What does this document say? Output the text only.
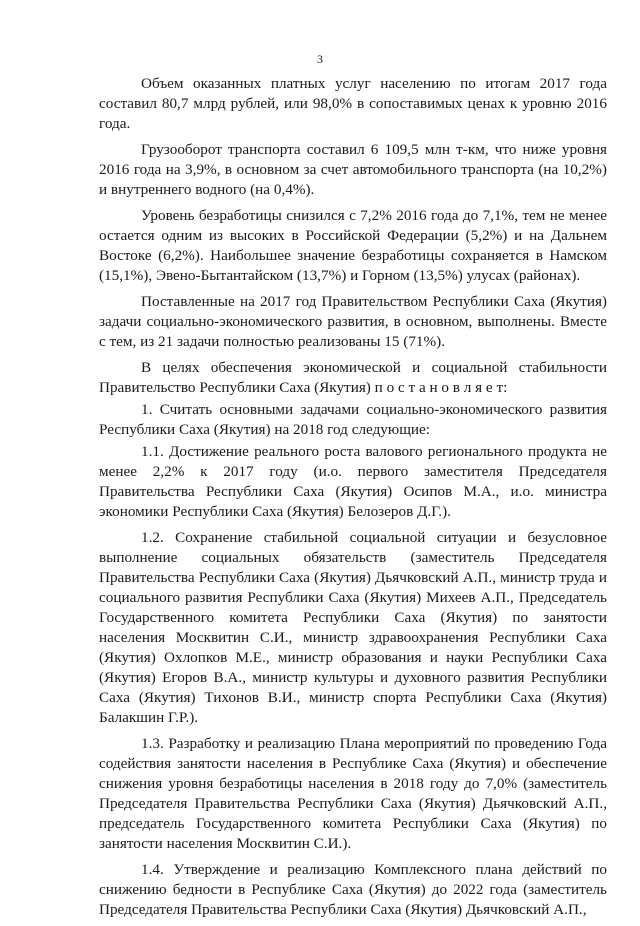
3

Объем оказанных платных услуг населению по итогам 2017 года составил 80,7 млрд рублей, или 98,0% в сопоставимых ценах к уровню 2016 года.

Грузооборот транспорта составил 6 109,5 млн т-км, что ниже уровня 2016 года на 3,9%, в основном за счет автомобильного транспорта (на 10,2%) и внутреннего водного (на 0,4%).

Уровень безработицы снизился с 7,2% 2016 года до 7,1%, тем не менее остается одним из высоких в Российской Федерации (5,2%) и на Дальнем Востоке (6,2%). Наибольшее значение безработицы сохраняется в Намском (15,1%), Эвено-Бытантайском (13,7%) и Горном (13,5%) улусах (районах).

Поставленные на 2017 год Правительством Республики Саха (Якутия) задачи социально-экономического развития, в основном, выполнены. Вместе с тем, из 21 задачи полностью реализованы 15 (71%).

В целях обеспечения экономической и социальной стабильности Правительство Республики Саха (Якутия) п о с т а н о в л я е т:

1. Считать основными задачами социально-экономического развития Республики Саха (Якутия) на 2018 год следующие:

1.1. Достижение реального роста валового регионального продукта не менее 2,2% к 2017 году (и.о. первого заместителя Председателя Правительства Республики Саха (Якутия) Осипов М.А., и.о. министра экономики Республики Саха (Якутия) Белозеров Д.Г.).

1.2. Сохранение стабильной социальной ситуации и безусловное выполнение социальных обязательств (заместитель Председателя Правительства Республики Саха (Якутия) Дьячковский А.П., министр труда и социального развития Республики Саха (Якутия) Михеев А.П., Председатель Государственного комитета Республики Саха (Якутия) по занятости населения Москвитин С.И., министр здравоохранения Республики Саха (Якутия) Охлопков М.Е., министр образования и науки Республики Саха (Якутия) Егоров В.А., министр культуры и духовного развития Республики Саха (Якутия) Тихонов В.И., министр спорта Республики Саха (Якутия) Балакшин Г.Р.).

1.3. Разработку и реализацию Плана мероприятий по проведению Года содействия занятости населения в Республике Саха (Якутия) и обеспечение снижения уровня безработицы населения в 2018 году до 7,0% (заместитель Председателя Правительства Республики Саха (Якутия) Дьячковский А.П., председатель Государственного комитета Республики Саха (Якутия) по занятости населения Москвитин С.И.).

1.4. Утверждение и реализацию Комплексного плана действий по снижению бедности в Республике Саха (Якутия) до 2022 года (заместитель Председателя Правительства Республики Саха (Якутия) Дьячковский А.П.,
